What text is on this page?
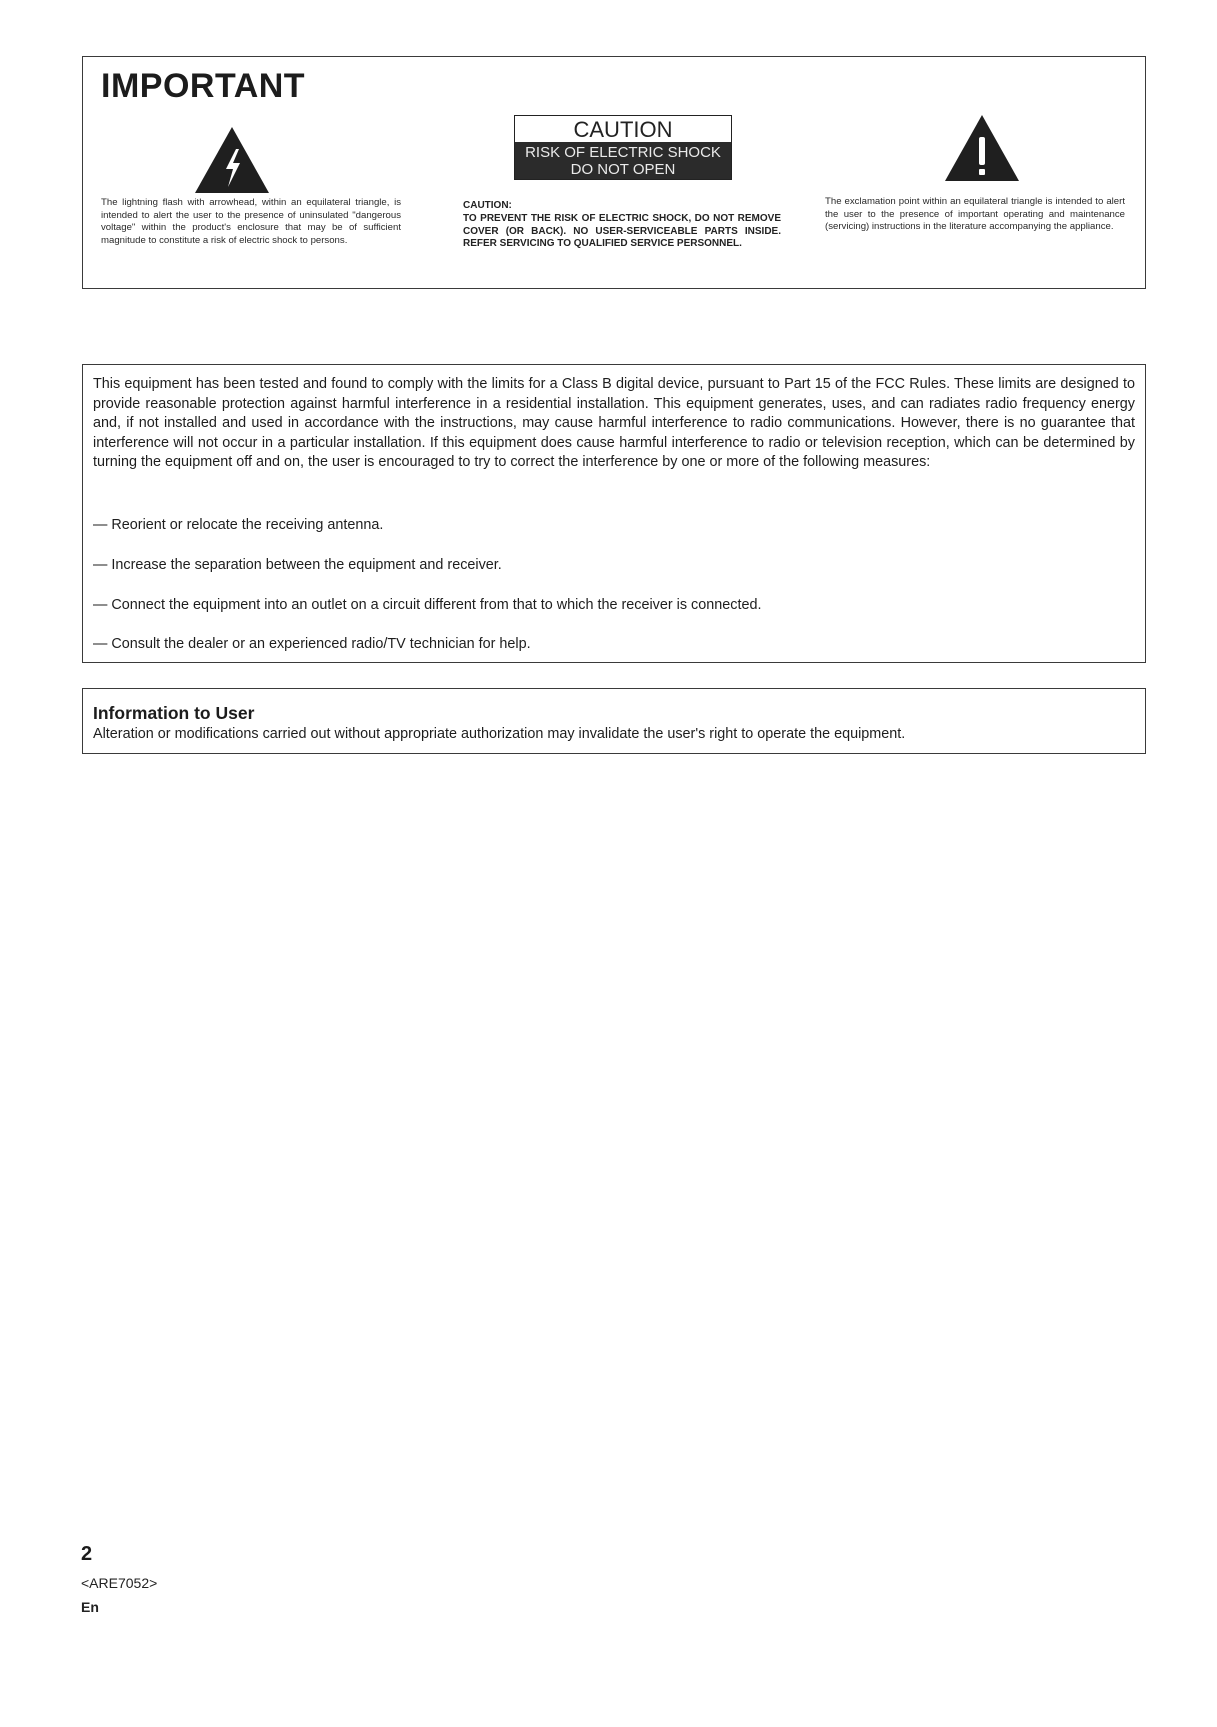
IMPORTANT
CAUTION
RISK OF ELECTRIC SHOCK
DO NOT OPEN

The lightning flash with arrowhead, within an equilateral triangle, is intended to alert the user to the presence of uninsulated "dangerous voltage" within the product's enclosure that may be of sufficient magnitude to constitute a risk of electric shock to persons.

CAUTION:
TO PREVENT THE RISK OF ELECTRIC SHOCK, DO NOT REMOVE COVER (OR BACK). NO USER-SERVICEABLE PARTS INSIDE. REFER SERVICING TO QUALIFIED SERVICE PERSONNEL.

The exclamation point within an equilateral triangle is intended to alert the user to the presence of important operating and maintenance (servicing) instructions in the literature accompanying the appliance.

This equipment has been tested and found to comply with the limits for a Class B digital device, pursuant to Part 15 of the FCC Rules. These limits are designed to provide reasonable protection against harmful interference in a residential installation. This equipment generates, uses, and can radiates radio frequency energy and, if not installed and used in accordance with the instructions, may cause harmful interference to radio communications. However, there is no guarantee that interference will not occur in a particular installation. If this equipment does cause harmful interference to radio or television reception, which can be determined by turning the equipment off and on, the user is encouraged to try to correct the interference by one or more of the following measures:

— Reorient or relocate the receiving antenna.

— Increase the separation between the equipment and receiver.

— Connect the equipment into an outlet on a circuit different from that to which the receiver is connected.

— Consult the dealer or an experienced radio/TV technician for help.

Information to User

Alteration or modifications carried out without appropriate authorization may invalidate the user's right to operate the equipment.

2

<ARE7052>

En
